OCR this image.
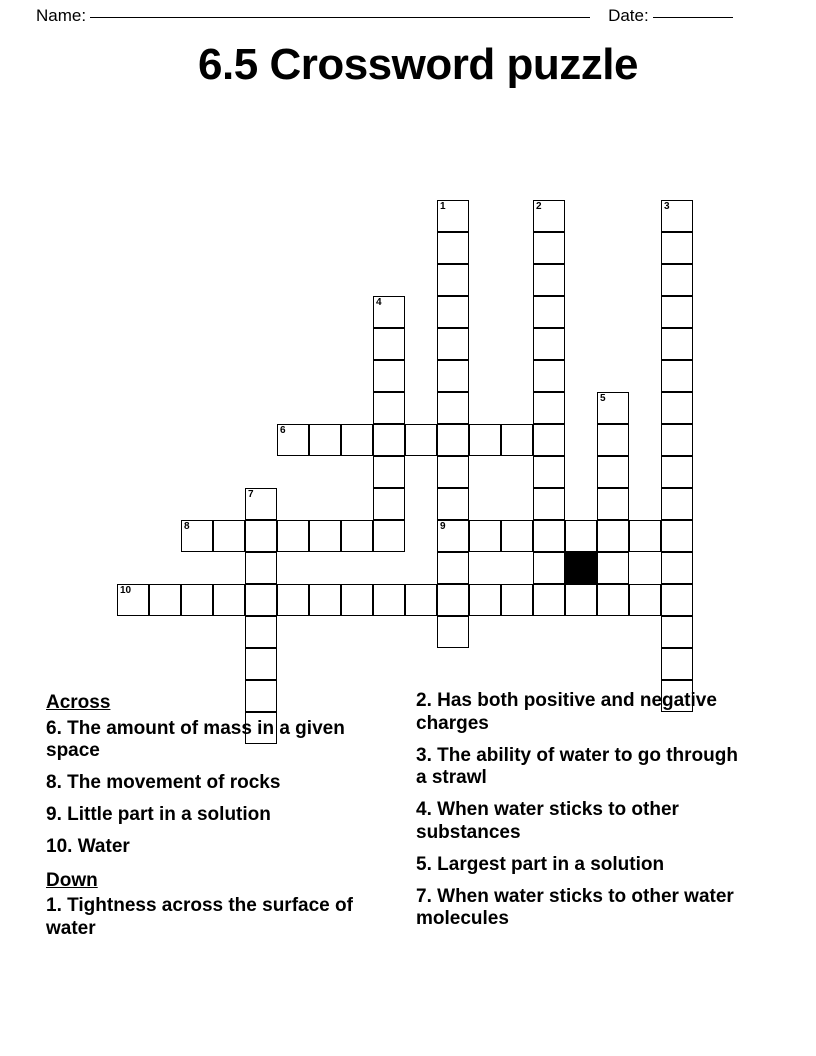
Name:	Date:
6.5 Crossword puzzle
1	2	3
4
5
6
7
8	9
10
Across
6. The amount of mass in a given space
8. The movement of rocks
9. Little part in a solution
10. Water
Down
1. Tightness across the surface of water
2. Has both positive and negative charges
3. The ability of water to go through a strawl
4. When water sticks to other substances
5. Largest part in a solution
7. When water sticks to other water molecules
